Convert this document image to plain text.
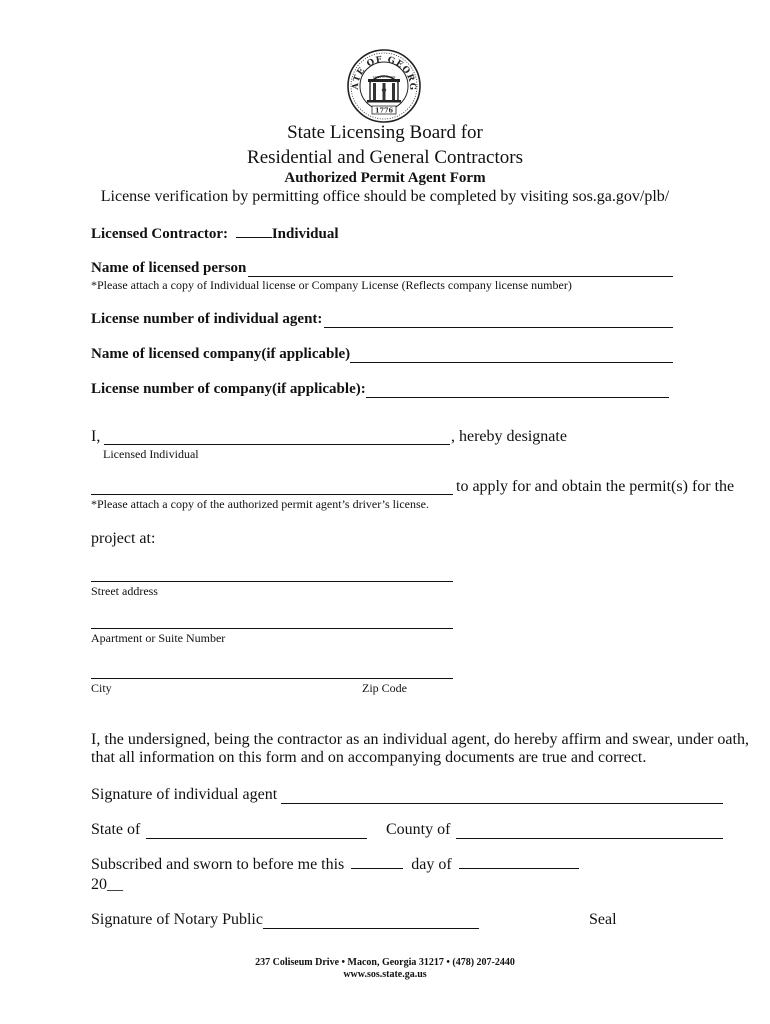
ATE OF GEORG
1776
CONSTITUTION
State Licensing Board for
Residential and General Contractors
Authorized Permit Agent Form
License verification by permitting office should be completed by visiting sos.ga.gov/plb/
Licensed Contractor:	Individual
Name of licensed person
*Please attach a copy of Individual license or Company License (Reflects company license number)
License number of individual agent:
Name of licensed company(if applicable)
License number of company(if applicable):
I,	, hereby designate
Licensed Individual
to apply for and obtain the permit(s) for the
*Please attach a copy of the authorized permit agent’s driver’s license.
project at:
Street address
Apartment or Suite Number
City	Zip Code
I, the undersigned, being the contractor as an individual agent, do hereby affirm and swear, under oath,
that all information on this form and on accompanying documents are true and correct.
Signature of individual agent
State of	County of
Subscribed and sworn to before me this	day of
20__
Signature of Notary Public	Seal
237 Coliseum Drive • Macon, Georgia 31217 • (478) 207-2440
www.sos.state.ga.us
